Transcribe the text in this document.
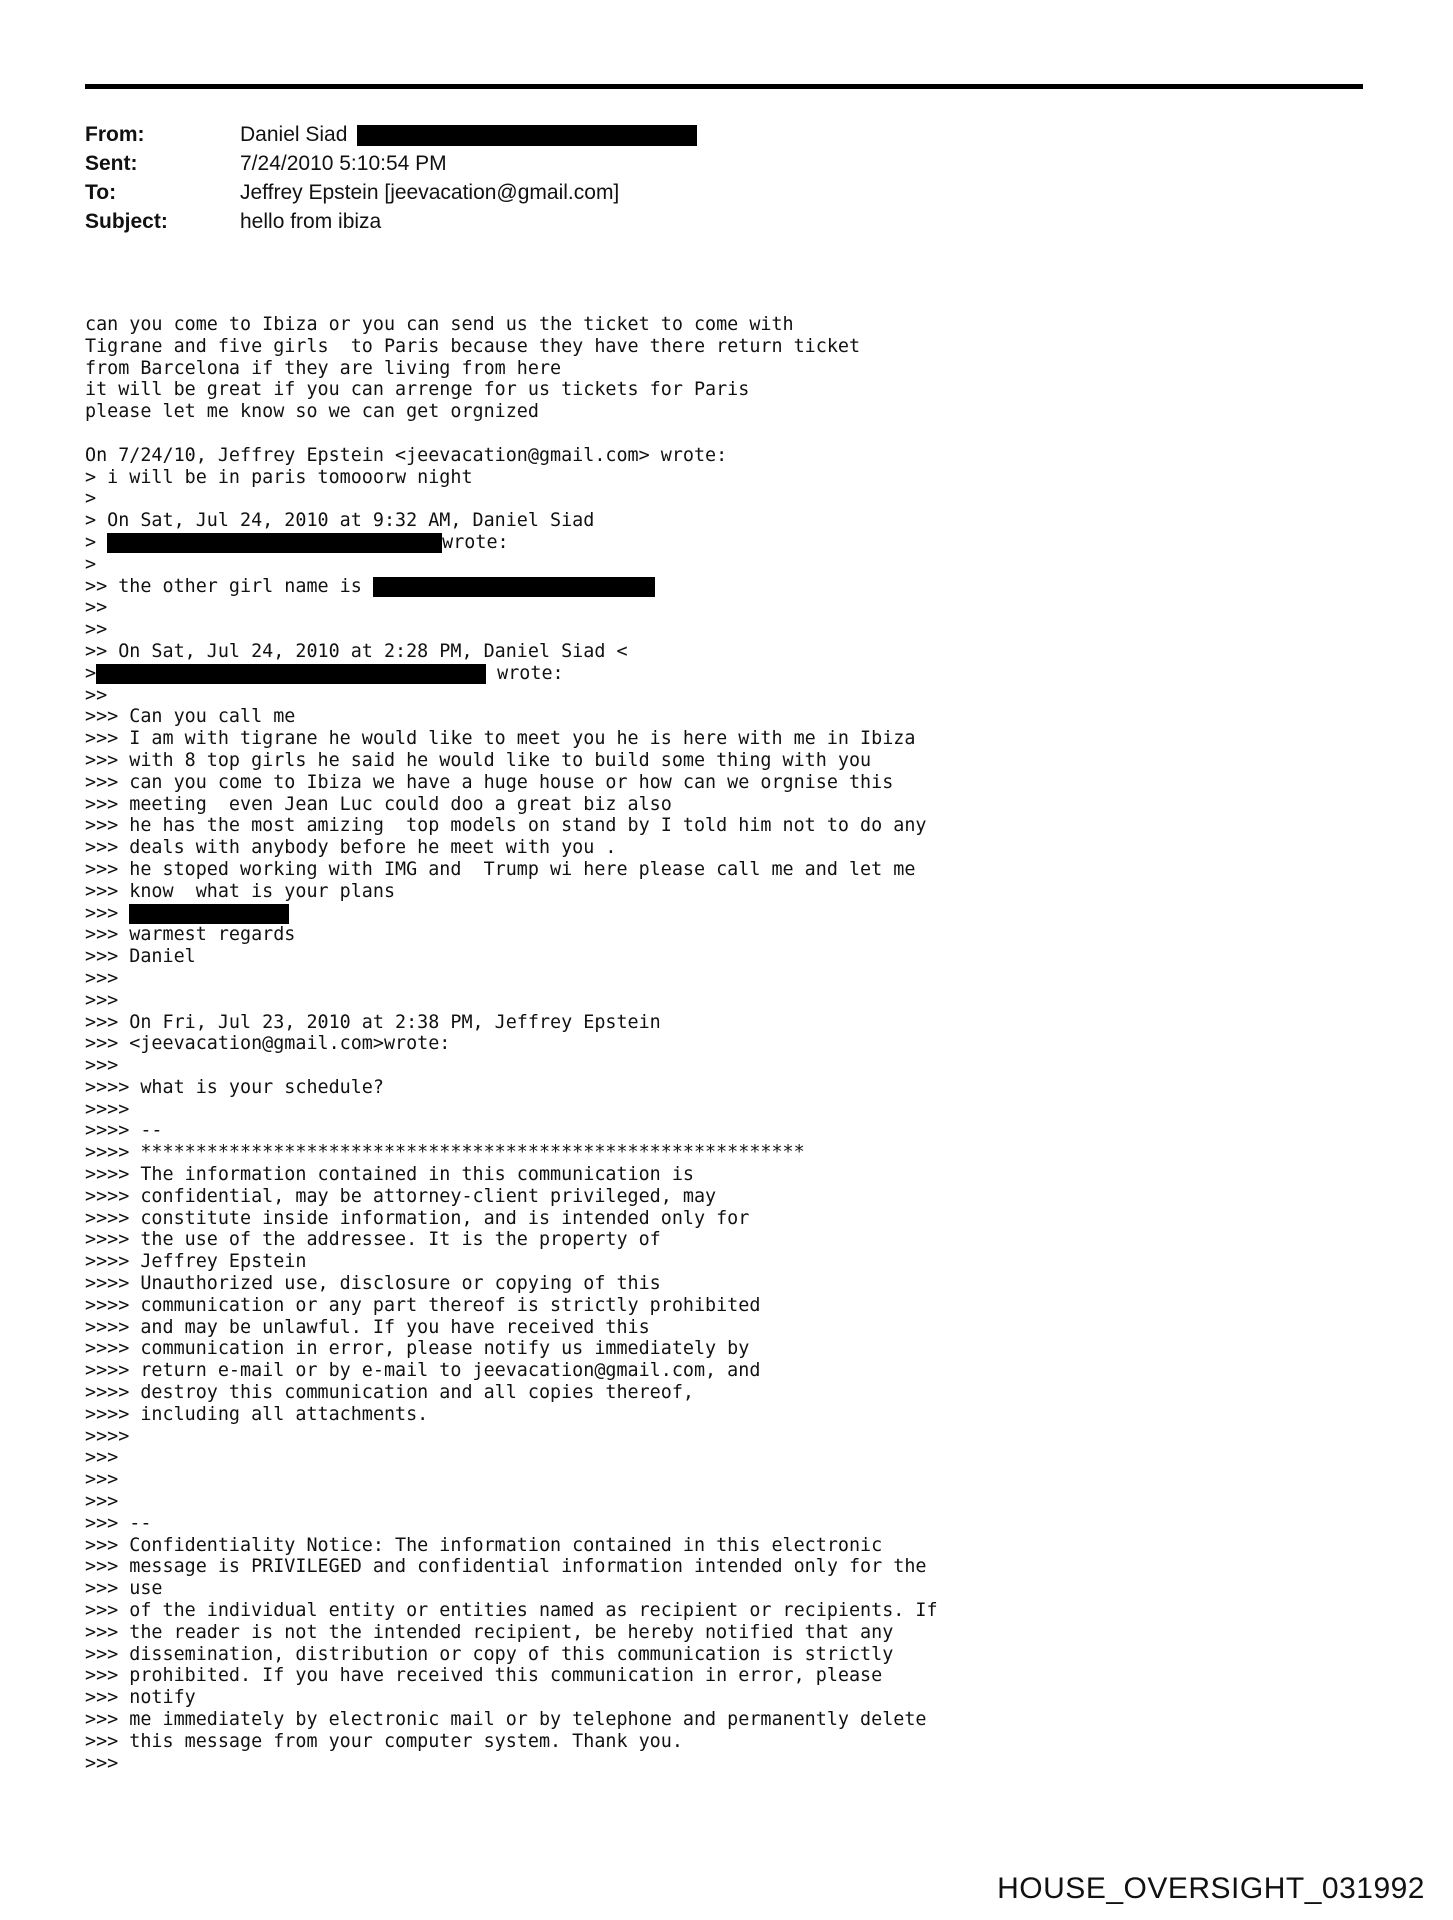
From:	Daniel Siad
Sent:	7/24/2010 5:10:54 PM
To:	Jeffrey Epstein [jeevacation@gmail.com]
Subject:	hello from ibiza
can you come to Ibiza or you can send us the ticket to come with
Tigrane and five girls  to Paris because they have there return ticket
from Barcelona if they are living from here
it will be great if you can arrenge for us tickets for Paris
please let me know so we can get orgnized
On 7/24/10, Jeffrey Epstein <jeevacation@gmail.com> wrote:
> i will be in paris tomooorw night
>
> On Sat, Jul 24, 2010 at 9:32 AM, Daniel Siad
>	wrote:
>
>> the other girl name is
>>
>>
>> On Sat, Jul 24, 2010 at 2:28 PM, Daniel Siad <
>	wrote:
>>
>>> Can you call me
>>> I am with tigrane he would like to meet you he is here with me in Ibiza
>>> with 8 top girls he said he would like to build some thing with you
>>> can you come to Ibiza we have a huge house or how can we orgnise this
>>> meeting  even Jean Luc could doo a great biz also
>>> he has the most amizing  top models on stand by I told him not to do any
>>> deals with anybody before he meet with you .
>>> he stoped working with IMG and  Trump wi here please call me and let me
>>> know  what is your plans
>>>
>>> warmest regards
>>> Daniel
>>>
>>>
>>> On Fri, Jul 23, 2010 at 2:38 PM, Jeffrey Epstein
>>> <jeevacation@gmail.com>wrote:
>>>
>>>> what is your schedule?
>>>>
>>>> --
>>>> ************************************************************
>>>> The information contained in this communication is
>>>> confidential, may be attorney-client privileged, may
>>>> constitute inside information, and is intended only for
>>>> the use of the addressee. It is the property of
>>>> Jeffrey Epstein
>>>> Unauthorized use, disclosure or copying of this
>>>> communication or any part thereof is strictly prohibited
>>>> and may be unlawful. If you have received this
>>>> communication in error, please notify us immediately by
>>>> return e-mail or by e-mail to jeevacation@gmail.com, and
>>>> destroy this communication and all copies thereof,
>>>> including all attachments.
>>>>
>>>
>>>
>>>
>>> --
>>> Confidentiality Notice: The information contained in this electronic
>>> message is PRIVILEGED and confidential information intended only for the
>>> use
>>> of the individual entity or entities named as recipient or recipients. If
>>> the reader is not the intended recipient, be hereby notified that any
>>> dissemination, distribution or copy of this communication is strictly
>>> prohibited. If you have received this communication in error, please
>>> notify
>>> me immediately by electronic mail or by telephone and permanently delete
>>> this message from your computer system. Thank you.
>>>
HOUSE_OVERSIGHT_031992
